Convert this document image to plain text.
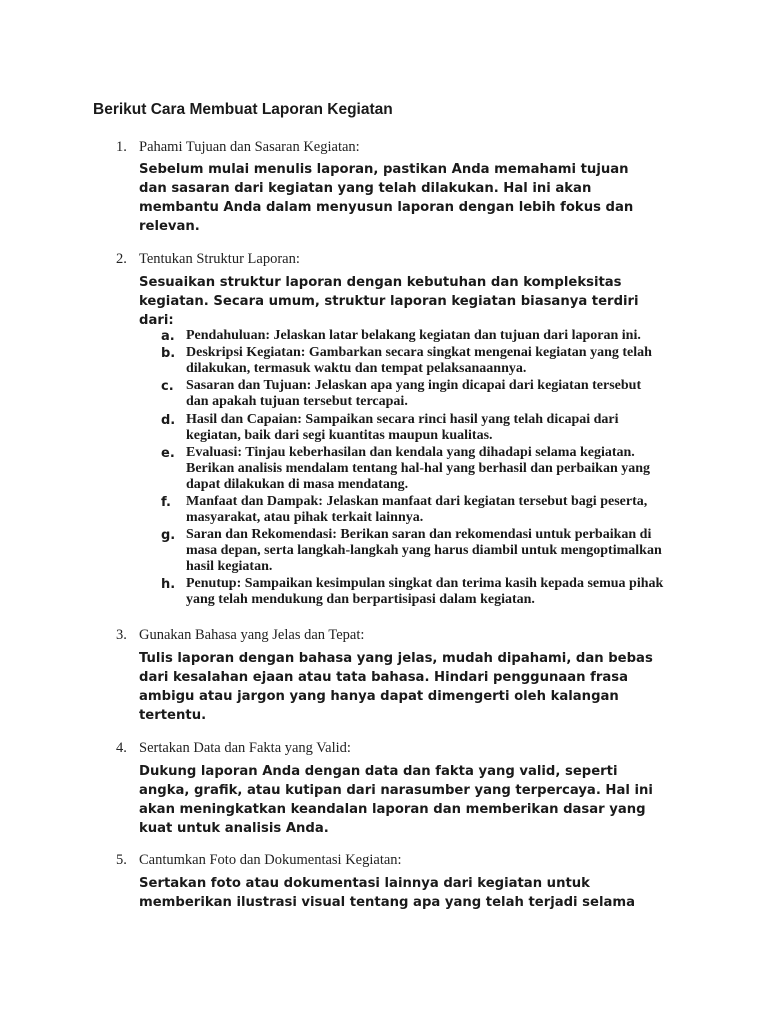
Berikut Cara Membuat Laporan Kegiatan
1. Pahami Tujuan dan Sasaran Kegiatan:
Sebelum mulai menulis laporan, pastikan Anda memahami tujuan
dan sasaran dari kegiatan yang telah dilakukan. Hal ini akan
membantu Anda dalam menyusun laporan dengan lebih fokus dan
relevan.
2. Tentukan Struktur Laporan:
Sesuaikan struktur laporan dengan kebutuhan dan kompleksitas
kegiatan. Secara umum, struktur laporan kegiatan biasanya terdiri
dari:
a. Pendahuluan: Jelaskan latar belakang kegiatan dan tujuan dari laporan ini.
b. Deskripsi Kegiatan: Gambarkan secara singkat mengenai kegiatan yang telah
dilakukan, termasuk waktu dan tempat pelaksanaannya.
c. Sasaran dan Tujuan: Jelaskan apa yang ingin dicapai dari kegiatan tersebut
dan apakah tujuan tersebut tercapai.
d. Hasil dan Capaian: Sampaikan secara rinci hasil yang telah dicapai dari
kegiatan, baik dari segi kuantitas maupun kualitas.
e. Evaluasi: Tinjau keberhasilan dan kendala yang dihadapi selama kegiatan.
Berikan analisis mendalam tentang hal-hal yang berhasil dan perbaikan yang
dapat dilakukan di masa mendatang.
f.	Manfaat dan Dampak: Jelaskan manfaat dari kegiatan tersebut bagi peserta,
masyarakat, atau pihak terkait lainnya.
g. Saran dan Rekomendasi: Berikan saran dan rekomendasi untuk perbaikan di
masa depan, serta langkah-langkah yang harus diambil untuk mengoptimalkan
hasil kegiatan.
h. Penutup: Sampaikan kesimpulan singkat dan terima kasih kepada semua pihak
yang telah mendukung dan berpartisipasi dalam kegiatan.
3. Gunakan Bahasa yang Jelas dan Tepat:
Tulis laporan dengan bahasa yang jelas, mudah dipahami, dan bebas
dari kesalahan ejaan atau tata bahasa. Hindari penggunaan frasa
ambigu atau jargon yang hanya dapat dimengerti oleh kalangan
tertentu.
4. Sertakan Data dan Fakta yang Valid:
Dukung laporan Anda dengan data dan fakta yang valid, seperti
angka, grafik, atau kutipan dari narasumber yang terpercaya. Hal ini
akan meningkatkan keandalan laporan dan memberikan dasar yang
kuat untuk analisis Anda.
5. Cantumkan Foto dan Dokumentasi Kegiatan:
Sertakan foto atau dokumentasi lainnya dari kegiatan untuk
memberikan ilustrasi visual tentang apa yang telah terjadi selama
